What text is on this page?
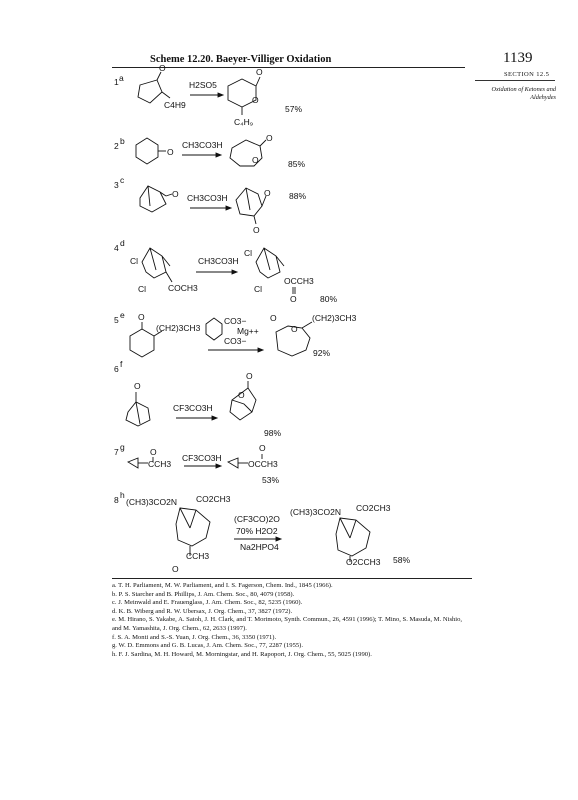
Scheme 12.20. Baeyer-Villiger Oxidation	1139
SECTION 12.5
Oxidation of Ketones and Aldehydes
1 a
O
C4H9
H2SO5
O
O
C₄H₉
57%
2 b
O
CH3CO3H
O
O	85%
3 c
O CH3CO3H	O
O
88%
4 d
Cl
Cl	COCH3
CH3CO3H
Cl
Cl
OCCH3
O	80%
5 e O
(CH2)3CH3
CO3−
Mg++
CO3−
O
O
(CH2)3CH3
92%
6 f
O
CF3CO3H
O
O
98%
7 g	O
CCH3
CF3CO3H
O
OCCH3
53%
8 h
(CH3)3CO2N CO2CH3
CCH3
O
(CF3CO)2O
70% H2O2
Na2HPO4
(CH3)3CO2N CO2CH3
O2CCH3 58%

a. T. H. Parliament, M. W. Parliament, and I. S. Fagerson, Chem. Ind., 1845 (1966).

b. P. S. Starcher and B. Phillips, J. Am. Chem. Soc., 80, 4079 (1958).

c. J. Meinwald and E. Frauenglass, J. Am. Chem. Soc., 82, 5235 (1960).

d. K. B. Wiberg and R. W. Ubersax, J. Org. Chem., 37, 3827 (1972).

e. M. Hirano, S. Yakabe, A. Satoh, J. H. Clark, and T. Morimoto, Synth. Commun., 26, 4591 (1996); T. Mino, S. Masuda, M. Nishio, and M. Yamashita, J. Org. Chem., 62, 2633 (1997).

f. S. A. Monti and S.-S. Yuan, J. Org. Chem., 36, 3350 (1971).

g. W. D. Emmons and G. B. Lucas, J. Am. Chem. Soc., 77, 2287 (1955).

h. F. J. Sardina, M. H. Howard, M. Morningstar, and H. Rapoport, J. Org. Chem., 55, 5025 (1990).
